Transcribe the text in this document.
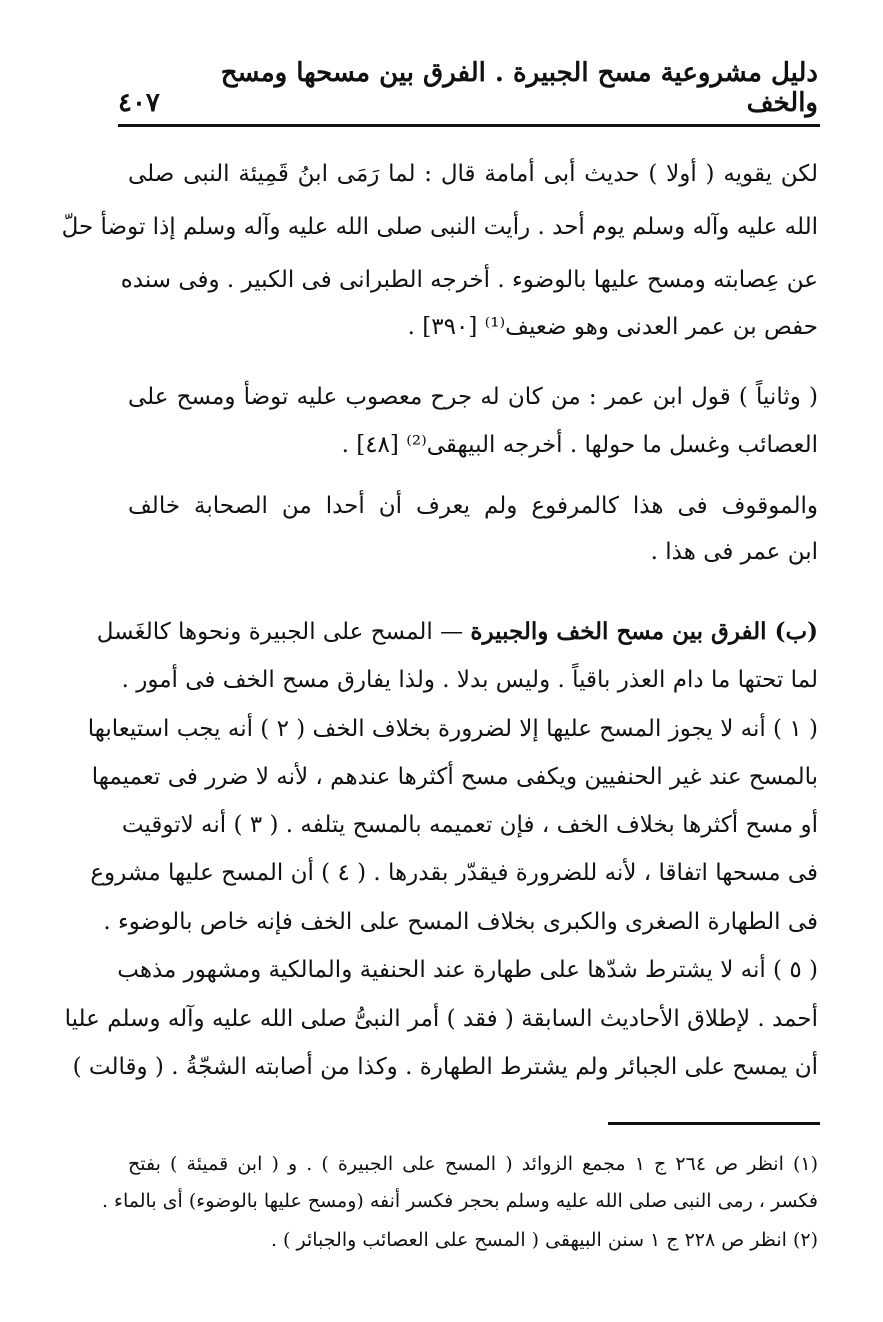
دليل مشروعية مسح الجبيرة . الفرق بين مسحها ومسح والخف
٤٠٧
لكن يقويه ( أولا ) حديث أبى أمامة قال : لما رَمَى ابنُ قَمِيئة النبى صلى
الله عليه وآله وسلم يوم أحد . رأيت النبى صلى الله عليه وآله وسلم إذا توضأ حلّ
عن عِصابته ومسح عليها بالوضوء . أخرجه الطبرانى فى الكبير . وفى سنده
حفص بن عمر العدنى وهو ضعيف⁽¹⁾ [٣٩٠] .
( وثانياً ) قول ابن عمر : من كان له جرح معصوب عليه توضأ ومسح على
العصائب وغسل ما حولها . أخرجه البيهقى⁽²⁾ [٤٨] .
والموقوف فى هذا كالمرفوع ولم يعرف أن أحدا من الصحابة خالف
ابن عمر فى هذا .
(ب) الفرق بين مسح الخف والجبيرة — المسح على الجبيرة ونحوها كالغَسل
لما تحتها ما دام العذر باقياً . وليس بدلا . ولذا يفارق مسح الخف فى أمور .
( ١ ) أنه لا يجوز المسح عليها إلا لضرورة بخلاف الخف ( ٢ ) أنه يجب استيعابها
بالمسح عند غير الحنفيين ويكفى مسح أكثرها عندهم ، لأنه لا ضرر فى تعميمها
أو مسح أكثرها بخلاف الخف ، فإن تعميمه بالمسح يتلفه . ( ٣ ) أنه لاتوقيت
فى مسحها اتفاقا ، لأنه للضرورة فيقدّر بقدرها . ( ٤ ) أن المسح عليها مشروع
فى الطهارة الصغرى والكبرى بخلاف المسح على الخف فإنه خاص بالوضوء .
( ٥ ) أنه لا يشترط شدّها على طهارة عند الحنفية والمالكية ومشهور مذهب
أحمد . لإطلاق الأحاديث السابقة ( فقد ) أمر النبىُّ صلى الله عليه وآله وسلم عليا
أن يمسح على الجبائر ولم يشترط الطهارة . وكذا من أصابته الشجّةُ . ( وقالت )
(١) انظر ص ٢٦٤ ج ١ مجمع الزوائد ( المسح على الجبيرة ) . و ( ابن قميئة ) بفتح
فكسر ، رمى النبى صلى الله عليه وسلم بحجر فكسر أنفه (ومسح عليها بالوضوء) أى بالماء .
(٢) انظر ص ٢٢٨ ج ١ سنن البيهقى ( المسح على العصائب والجبائر ) .
